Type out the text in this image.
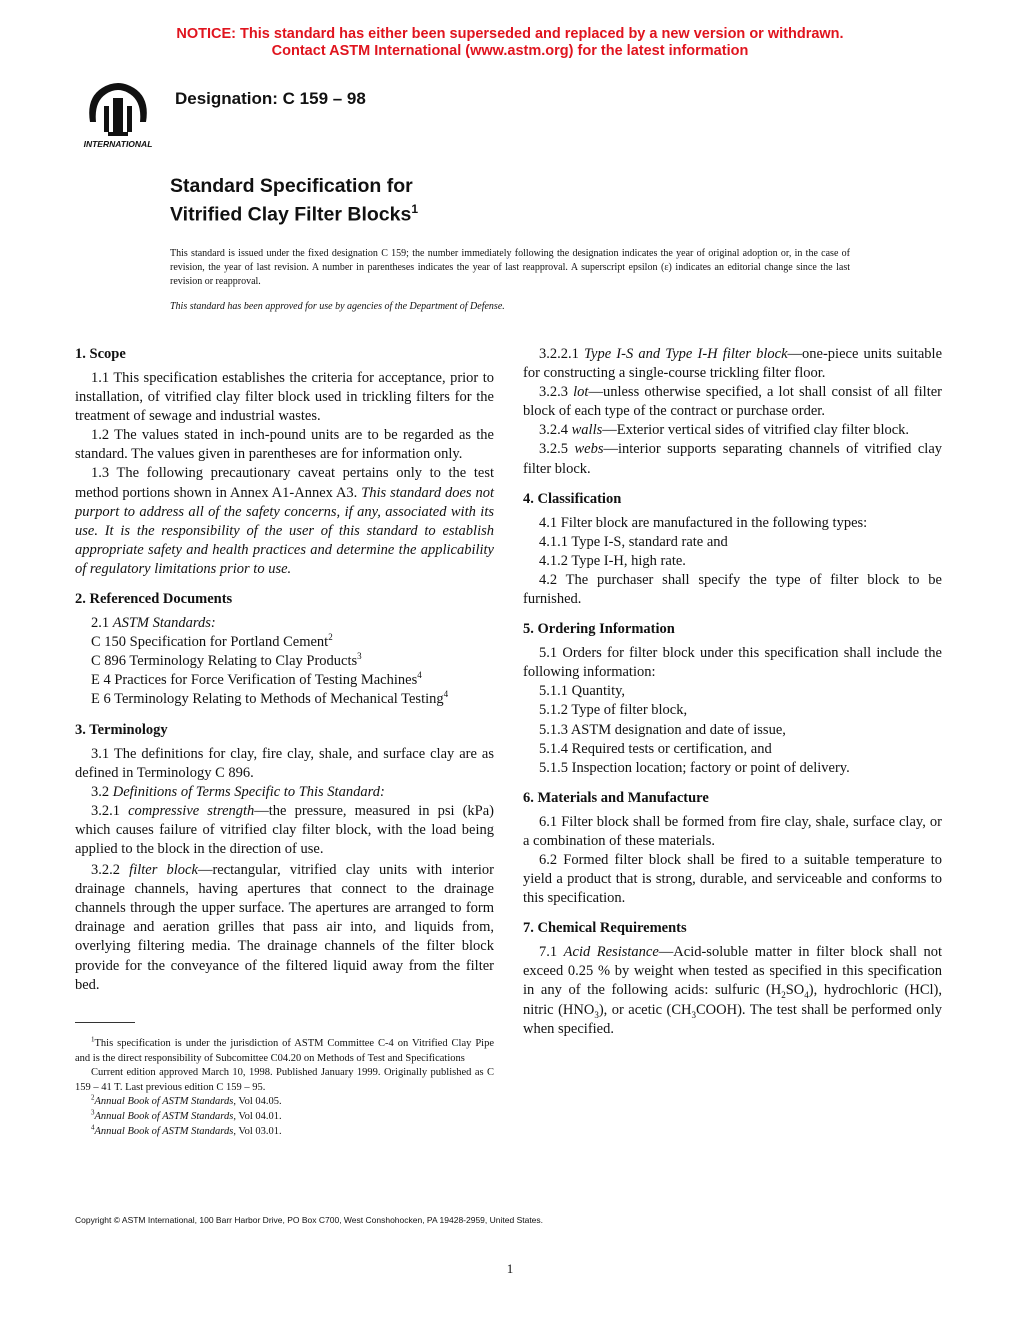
NOTICE: This standard has either been superseded and replaced by a new version or withdrawn.
Contact ASTM International (www.astm.org) for the latest information
INTERNATIONAL
Designation: C 159 – 98
Standard Specification for
Vitrified Clay Filter Blocks$^1$
This standard is issued under the fixed designation C 159; the number immediately following the designation indicates the year of original adoption or, in the case of revision, the year of last revision. A number in parentheses indicates the year of last reapproval. A superscript epsilon (ε) indicates an editorial change since the last revision or reapproval.
This standard has been approved for use by agencies of the Department of Defense.
1. Scope

1.1 This specification establishes the criteria for acceptance, prior to installation, of vitrified clay filter block used in trickling filters for the treatment of sewage and industrial wastes.

1.2 The values stated in inch-pound units are to be regarded as the standard. The values given in parentheses are for information only.

1.3 The following precautionary caveat pertains only to the test method portions shown in Annex A1-Annex A3. This standard does not purport to address all of the safety concerns, if any, associated with its use. It is the responsibility of the user of this standard to establish appropriate safety and health practices and determine the applicability of regulatory limitations prior to use.

2. Referenced Documents

2.1 ASTM Standards:

C 150 Specification for Portland Cement$^2$
C 896 Terminology Relating to Clay Products$^3$
E 4 Practices for Force Verification of Testing Machines$^4$
E 6 Terminology Relating to Methods of Mechanical Testing$^4$
3. Terminology

3.1 The definitions for clay, fire clay, shale, and surface clay are as defined in Terminology C 896.

3.2 Definitions of Terms Specific to This Standard:

3.2.1 compressive strength—the pressure, measured in psi (kPa) which causes failure of vitrified clay filter block, with the load being applied to the block in the direction of use.

3.2.2 filter block—rectangular, vitrified clay units with interior drainage channels, having apertures that connect to the drainage channels through the upper surface. The apertures are arranged to form drainage and aeration grilles that pass air into, and liquids from, overlying filtering media. The drainage channels of the filter block provide for the conveyance of the filtered liquid away from the filter bed.

$^1$This specification is under the jurisdiction of ASTM Committee C-4 on Vitrified Clay Pipe and is the direct responsibility of Subcomittee C04.20 on Methods of Test and Specifications

Current edition approved March 10, 1998. Published January 1999. Originally published as C 159 – 41 T. Last previous edition C 159 – 95.

$^2$Annual Book of ASTM Standards, Vol 04.05.

$^3$Annual Book of ASTM Standards, Vol 04.01.

$^4$Annual Book of ASTM Standards, Vol 03.01.

3.2.2.1 Type I-S and Type I-H filter block—one-piece units suitable for constructing a single-course trickling filter floor.

3.2.3 lot—unless otherwise specified, a lot shall consist of all filter block of each type of the contract or purchase order.

3.2.4 walls—Exterior vertical sides of vitrified clay filter block.

3.2.5 webs—interior supports separating channels of vitrified clay filter block.

4. Classification

4.1 Filter block are manufactured in the following types:

4.1.1 Type I-S, standard rate and

4.1.2 Type I-H, high rate.

4.2 The purchaser shall specify the type of filter block to be furnished.

5. Ordering Information

5.1 Orders for filter block under this specification shall include the following information:

5.1.1 Quantity,

5.1.2 Type of filter block,

5.1.3 ASTM designation and date of issue,

5.1.4 Required tests or certification, and

5.1.5 Inspection location; factory or point of delivery.

6. Materials and Manufacture

6.1 Filter block shall be formed from fire clay, shale, surface clay, or a combination of these materials.

6.2 Formed filter block shall be fired to a suitable temperature to yield a product that is strong, durable, and serviceable and conforms to this specification.

7. Chemical Requirements

7.1 Acid Resistance—Acid-soluble matter in filter block shall not exceed 0.25 % by weight when tested as specified in this specification in any of the following acids: sulfuric $(H_2SO_4)$, hydrochloric (HCl), nitric $(HNO_3)$, or acetic $(CH_3COOH)$. The test shall be performed only when specified.

Copyright © ASTM International, 100 Barr Harbor Drive, PO Box C700, West Conshohocken, PA 19428-2959, United States.
1
